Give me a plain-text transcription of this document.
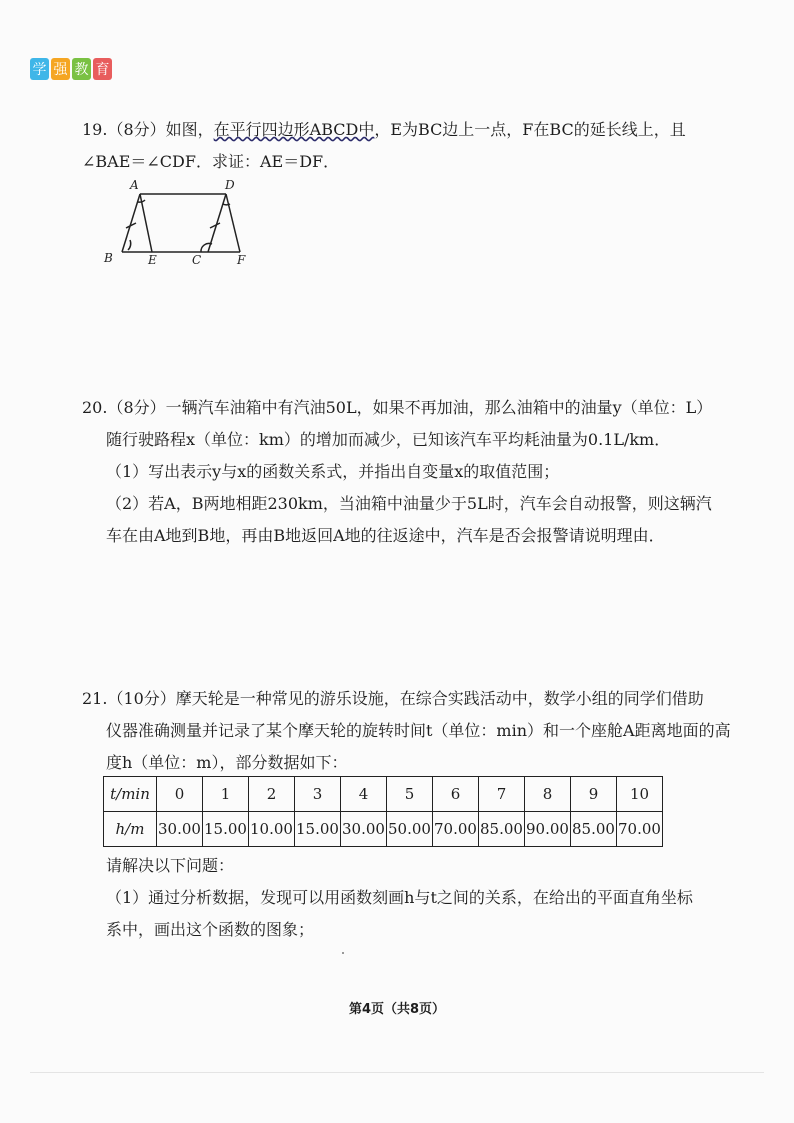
学 强 教 育

19.（8分）如图，在平行四边形ABCD中，E为BC边上一点，F在BC的延长线上，且

∠BAE＝∠CDF．求证：AE＝DF．

A	D
B	E	C	F

20.（8分）一辆汽车油箱中有汽油50L，如果不再加油，那么油箱中的油量y（单位：L）

随行驶路程x（单位：km）的增加而减少，已知该汽车平均耗油量为0.1L/km．

（1）写出表示y与x的函数关系式，并指出自变量x的取值范围；

（2）若A，B两地相距230km，当油箱中油量少于5L时，汽车会自动报警，则这辆汽

车在由A地到B地，再由B地返回A地的往返途中，汽车是否会报警请说明理由．

21.（10分）摩天轮是一种常见的游乐设施，在综合实践活动中，数学小组的同学们借助

仪器准确测量并记录了某个摩天轮的旋转时间t（单位：min）和一个座舱A距离地面的高

度h（单位：m），部分数据如下：

t/min	0	1	2	3	4	5	6	7	8	9	10
h/m	30.00	15.00	10.00	15.00	30.00	50.00	70.00	85.00	90.00	85.00	70.00

请解决以下问题：

（1）通过分析数据，发现可以用函数刻画h与t之间的关系，在给出的平面直角坐标

系中，画出这个函数的图象；

第4页（共8页）
